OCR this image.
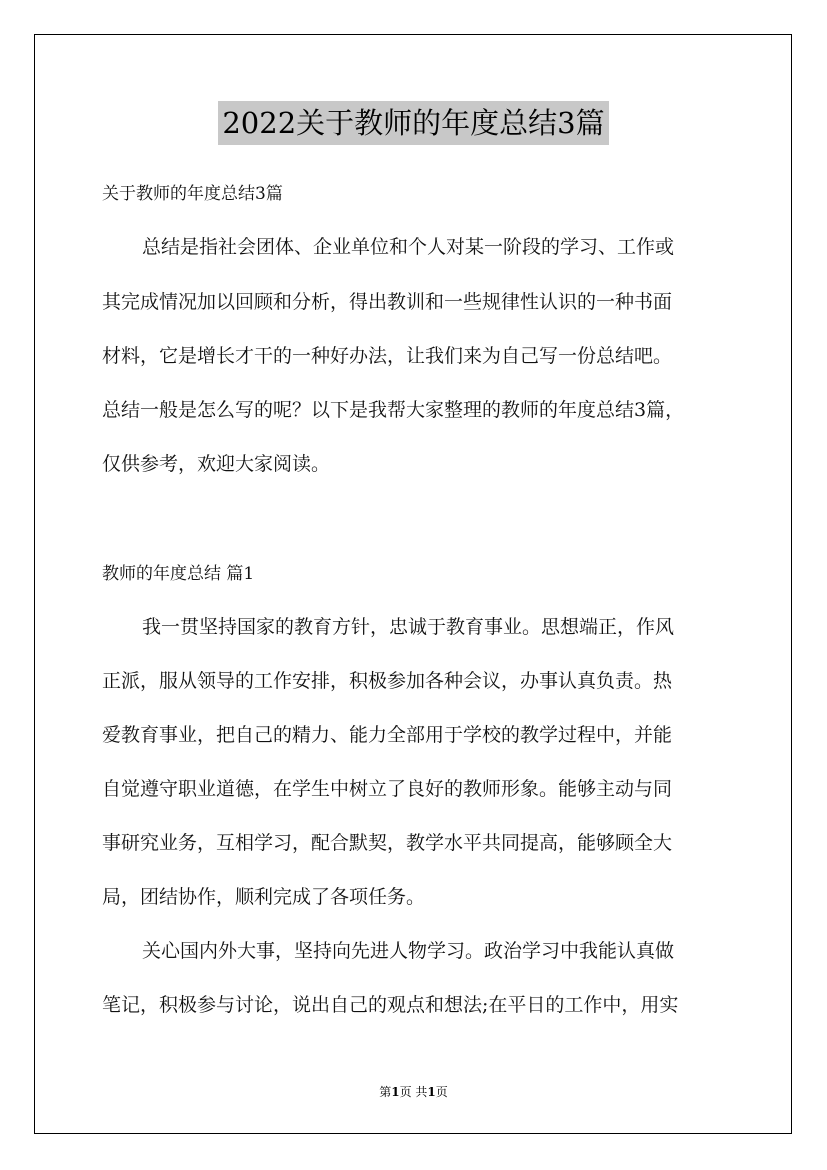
2022关于教师的年度总结3篇

关于教师的年度总结3篇

总结是指社会团体、企业单位和个人对某一阶段的学习、工作或

其完成情况加以回顾和分析，得出教训和一些规律性认识的一种书面

材料，它是增长才干的一种好办法，让我们来为自己写一份总结吧。

总结一般是怎么写的呢？以下是我帮大家整理的教师的年度总结3篇，

仅供参考，欢迎大家阅读。

教师的年度总结 篇1

我一贯坚持国家的教育方针，忠诚于教育事业。思想端正，作风

正派，服从领导的工作安排，积极参加各种会议，办事认真负责。热

爱教育事业，把自己的精力、能力全部用于学校的教学过程中，并能

自觉遵守职业道德，在学生中树立了良好的教师形象。能够主动与同

事研究业务，互相学习，配合默契，教学水平共同提高，能够顾全大

局，团结协作，顺利完成了各项任务。

关心国内外大事，坚持向先进人物学习。政治学习中我能认真做

笔记，积极参与讨论，说出自己的观点和想法;在平日的工作中，用实

第1页 共1页
